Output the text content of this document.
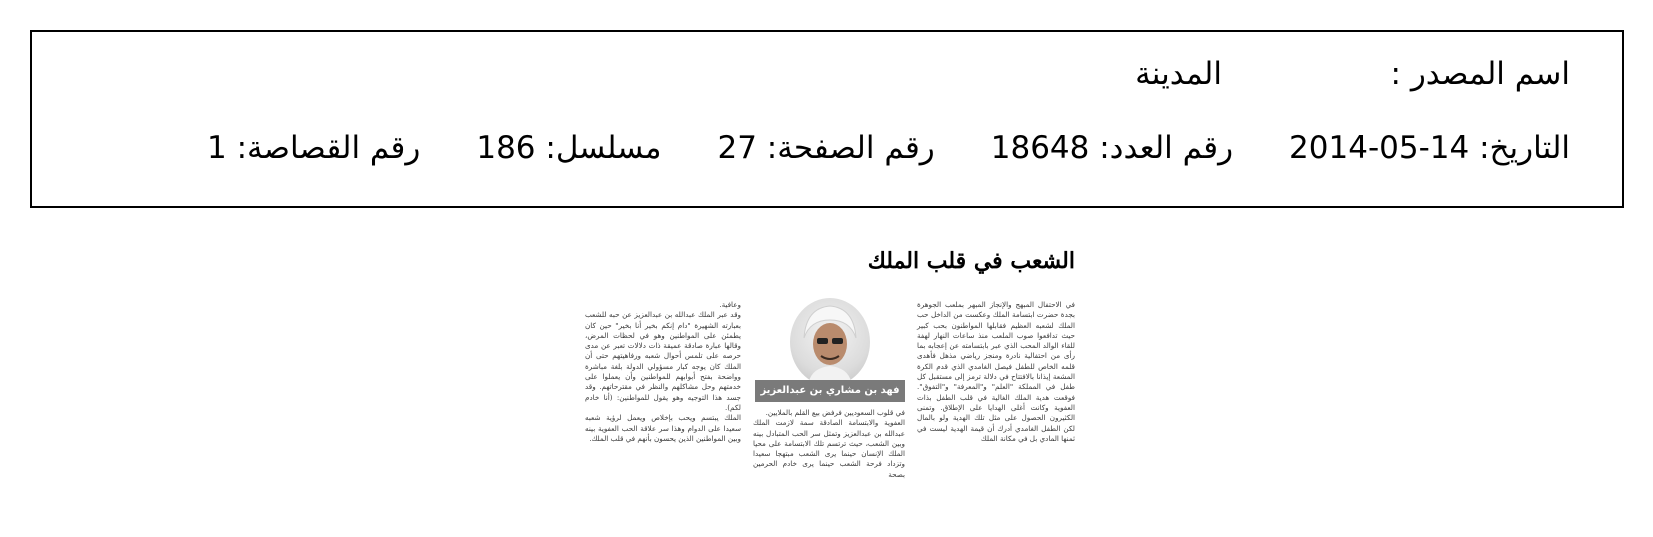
اسم المصدر :
المدينة
التاريخ: 14-05-2014
رقم العدد: 18648
رقم الصفحة: 27
مسلسل: 186
رقم القصاصة: 1
الشعب في قلب الملك

في الاحتفال المبهج والإنجاز المبهر بملعب الجوهرة بجدة حضرت ابتسامة الملك وعكست من الداخل حب الملك لشعبه العظيم فقابلها المواطنون بحب كبير حيث تدافعوا صوب الملعب منذ ساعات النهار لهفة للقاء الوالد المحب الذي عبر بابتسامته عن إعجابه بما رأى من احتفالية نادرة ومنجز رياضي مذهل فأهدى قلمه الخاص للطفل فيصل الغامدي الذي قدم الكرة المشعة إيذانا بالافتتاح في دلالة ترمز إلى مستقبل كل طفل في المملكة "العلم" و"المعرفة" و"التفوق". فوقعت هدية الملك الغالية في قلب الطفل بذات العفوية وكانت أغلى الهدايا على الإطلاق. وتمنى الكثيرون الحصول على مثل تلك الهدية ولو بالمال لكن الطفل الغامدي أدرك أن قيمة الهدية ليست في ثمنها المادي بل في مكانة الملك

فهد بن مشاري بن عبدالعزيز

في قلوب السعوديين فرفض بيع القلم بالملايين.

العفوية والابتسامة الصادقة سمة لازمت الملك عبدالله بن عبدالعزيز وتمثل سر الحب المتبادل بينه وبين الشعب، حيث ترتسم تلك الابتسامة على محيا الملك الإنسان حينما يرى الشعب مبتهجا سعيدا وتزداد فرحة الشعب حينما يرى خادم الحرمين بصحة

وعافية.

وقد عبر الملك عبدالله بن عبدالعزيز عن حبه للشعب بعبارته الشهيرة "دام إنكم بخير أنا بخير" حين كان يطمئن على المواطنين وهو في لحظات المرض، وقالها عبارة صادقة عميقة ذات دلالات تعبر عن مدى حرصه على تلمس أحوال شعبه ورفاهيتهم حتى أن الملك كان يوجه كبار مسؤولي الدولة بلغة مباشرة وواضحة بفتح أبوابهم للمواطنين وأن يعملوا على خدمتهم وحل مشاكلهم والنظر في مقترحاتهم. وقد جسد هذا التوجيه وهو يقول للمواطنين: (أنا خادم لكم).

الملك يبتسم ويحب بإخلاص ويعمل لرؤية شعبه سعيدا على الدوام وهذا سر علاقة الحب العفوية بينه وبين المواطنين الذين يحسون بأنهم في قلب الملك.
